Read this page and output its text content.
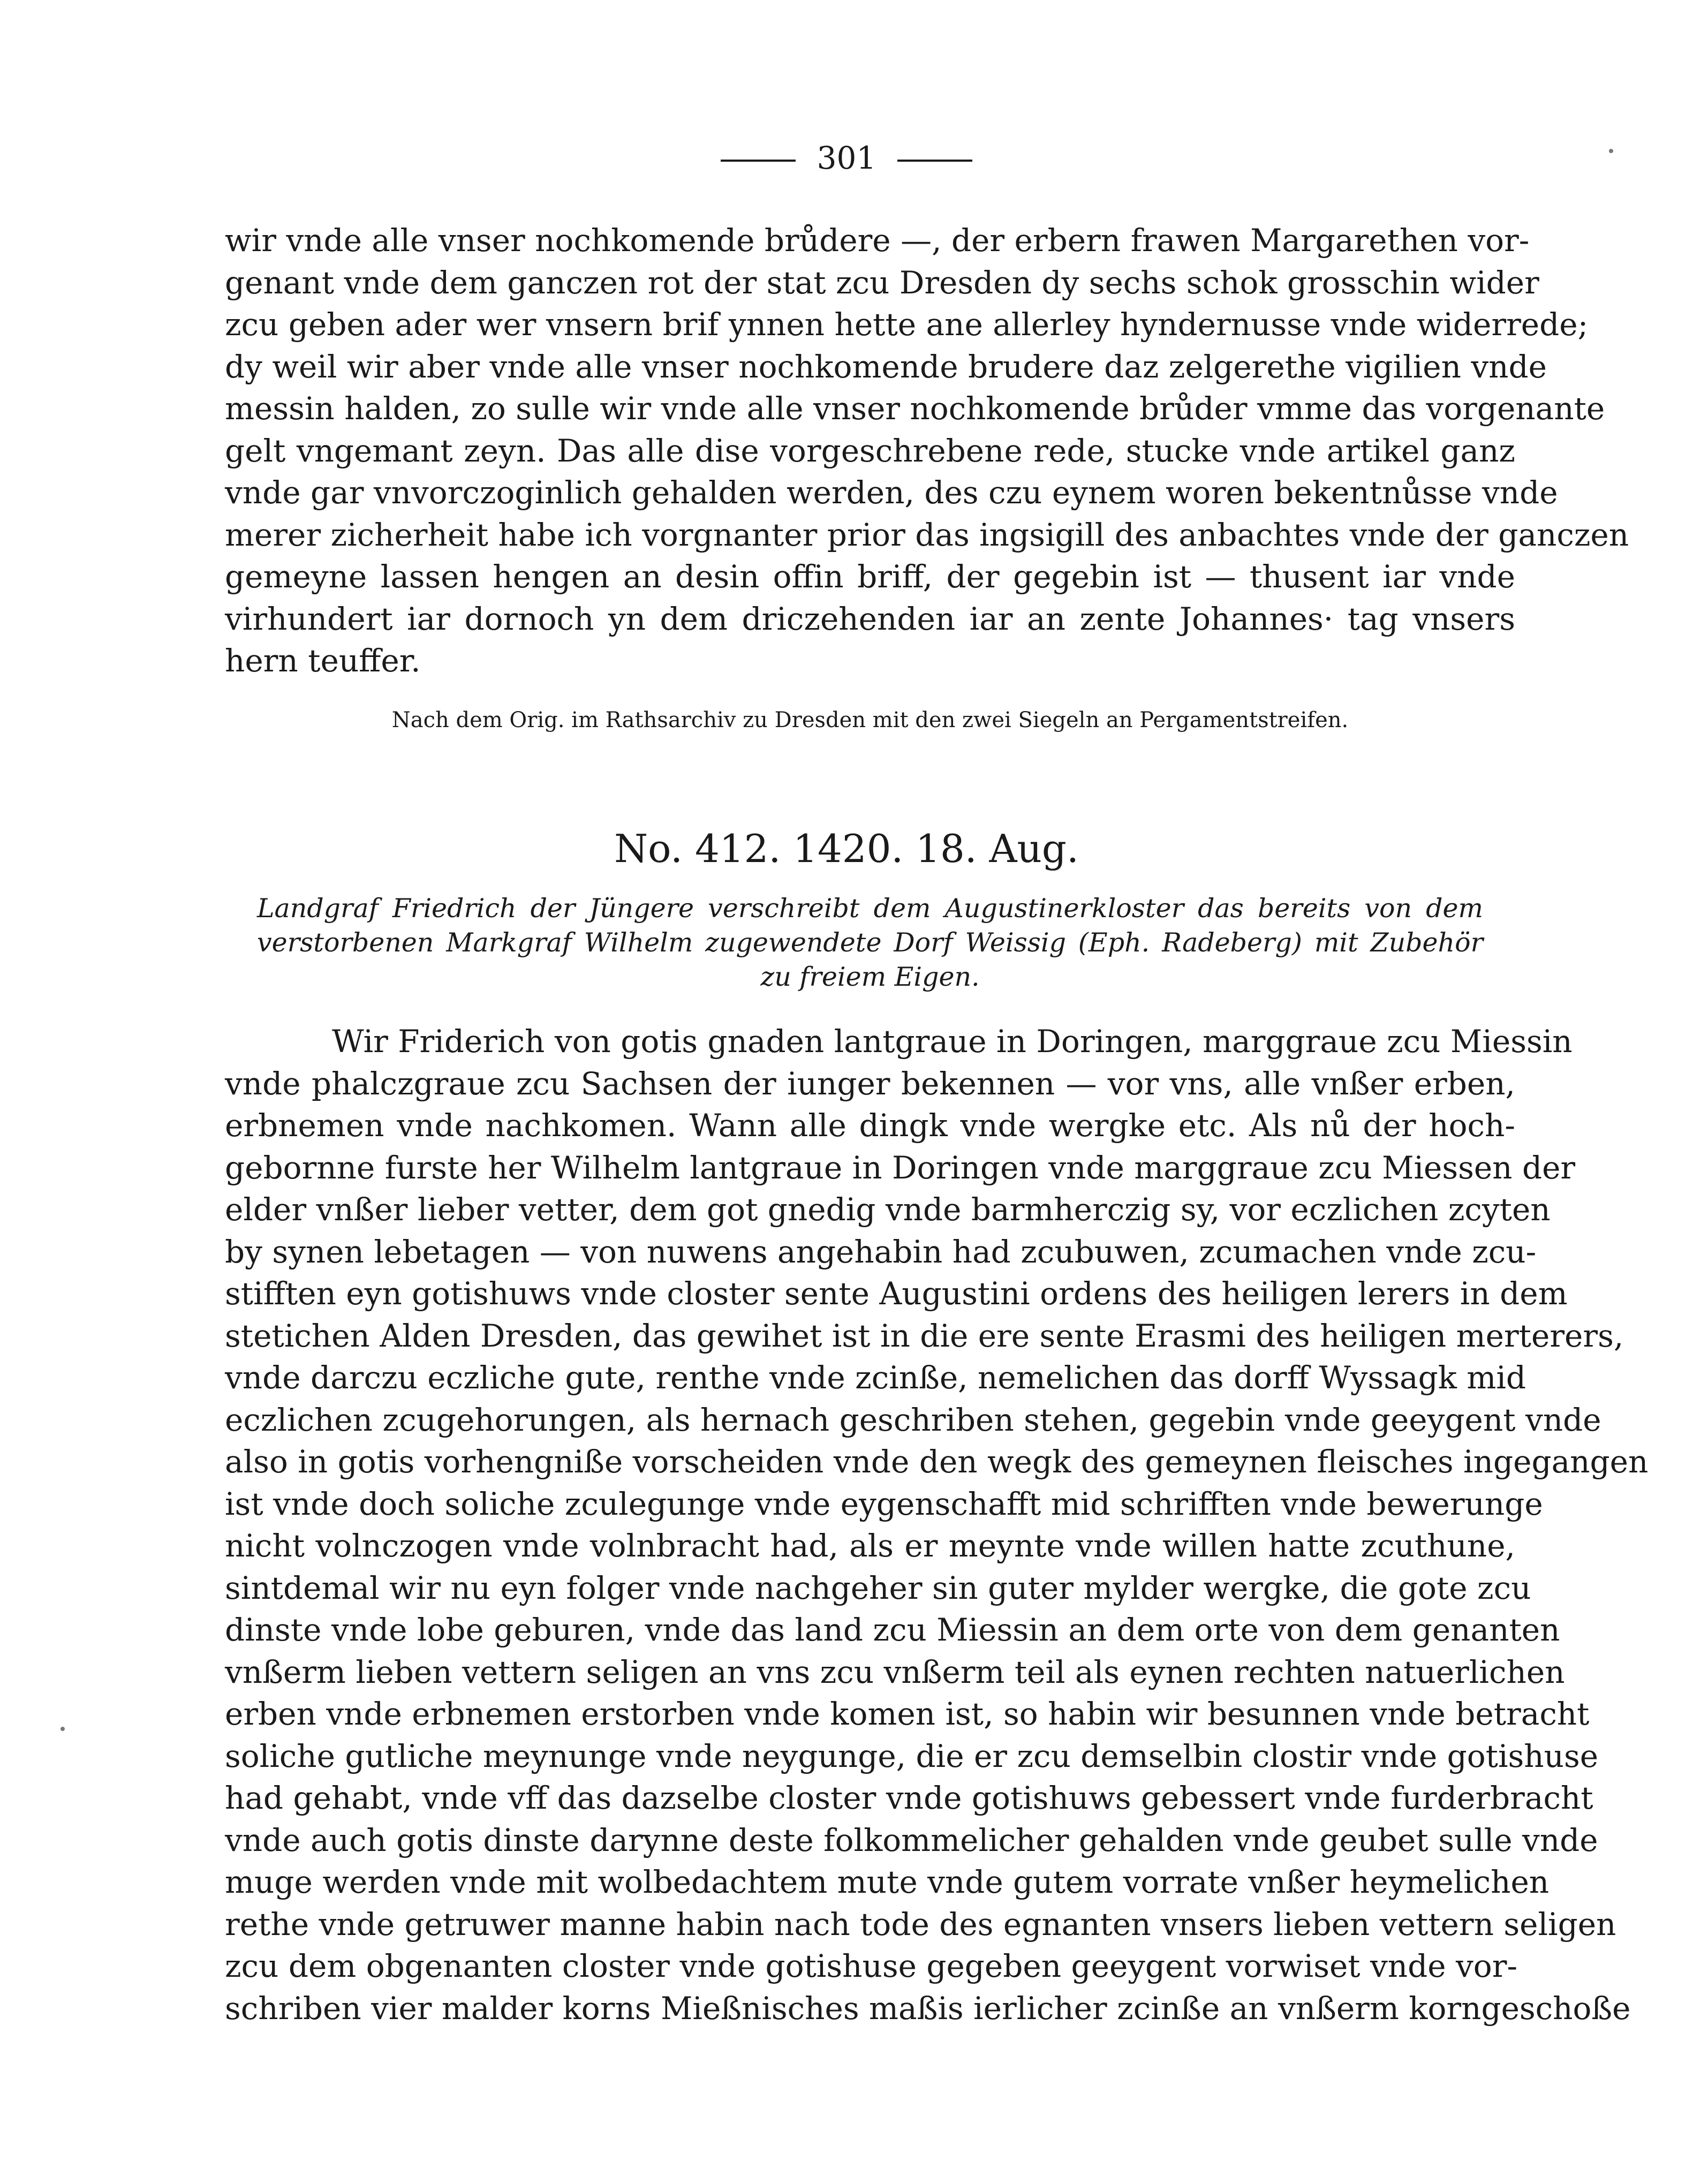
301
wir vnde alle vnser nochkomende brůdere —, der erbern frawen Margarethen vor-
genant vnde dem ganczen rot der stat zcu Dresden dy sechs schok grosschin wider
zcu geben ader wer vnsern brif ynnen hette ane allerley hyndernusse vnde widerrede;
dy weil wir aber vnde alle vnser nochkomende brudere daz zelgerethe vigilien vnde
messin halden, zo sulle wir vnde alle vnser nochkomende brůder vmme das vorgenante
gelt vngemant zeyn. Das alle dise vorgeschrebene rede, stucke vnde artikel ganz
vnde gar vnvorczoginlich gehalden werden, des czu eynem woren bekentnůsse vnde
merer zicherheit habe ich vorgnanter prior das ingsigill des anbachtes vnde der ganczen
gemeyne lassen hengen an desin offin briff, der gegebin ist — thusent iar vnde
virhundert iar dornoch yn dem driczehenden iar an zente Johannes· tag vnsers
hern teuffer.
Nach dem Orig. im Rathsarchiv zu Dresden mit den zwei Siegeln an Pergamentstreifen.
No. 412. 1420. 18. Aug.
Landgraf Friedrich der Jüngere verschreibt dem Augustinerkloster das bereits von dem
verstorbenen Markgraf Wilhelm zugewendete Dorf Weissig (Eph. Radeberg) mit Zubehör
zu freiem Eigen.
Wir Friderich von gotis gnaden lantgraue in Doringen, marggraue zcu Miessin
vnde phalczgraue zcu Sachsen der iunger bekennen — vor vns, alle vnßer erben,
erbnemen vnde nachkomen. Wann alle dingk vnde wergke etc. Als nů der hoch-
gebornne furste her Wilhelm lantgraue in Doringen vnde marggraue zcu Miessen der
elder vnßer lieber vetter, dem got gnedig vnde barmherczig sy, vor eczlichen zcyten
by synen lebetagen — von nuwens angehabin had zcubuwen, zcumachen vnde zcu-
stifften eyn gotishuws vnde closter sente Augustini ordens des heiligen lerers in dem
stetichen Alden Dresden, das gewihet ist in die ere sente Erasmi des heiligen merterers,
vnde darczu eczliche gute, renthe vnde zcinße, nemelichen das dorff Wyssagk mid
eczlichen zcugehorungen, als hernach geschriben stehen, gegebin vnde geeygent vnde
also in gotis vorhengniße vorscheiden vnde den wegk des gemeynen fleisches ingegangen
ist vnde doch soliche zculegunge vnde eygenschafft mid schrifften vnde bewerunge
nicht volnczogen vnde volnbracht had, als er meynte vnde willen hatte zcuthune,
sintdemal wir nu eyn folger vnde nachgeher sin guter mylder wergke, die gote zcu
dinste vnde lobe geburen, vnde das land zcu Miessin an dem orte von dem genanten
vnßerm lieben vettern seligen an vns zcu vnßerm teil als eynen rechten natuerlichen
erben vnde erbnemen erstorben vnde komen ist, so habin wir besunnen vnde betracht
soliche gutliche meynunge vnde neygunge, die er zcu demselbin clostir vnde gotishuse
had gehabt, vnde vff das dazselbe closter vnde gotishuws gebessert vnde furderbracht
vnde auch gotis dinste darynne deste folkommelicher gehalden vnde geubet sulle vnde
muge werden vnde mit wolbedachtem mute vnde gutem vorrate vnßer heymelichen
rethe vnde getruwer manne habin nach tode des egnanten vnsers lieben vettern seligen
zcu dem obgenanten closter vnde gotishuse gegeben geeygent vorwiset vnde vor-
schriben vier malder korns Mießnisches maßis ierlicher zcinße an vnßerm korngeschoße
